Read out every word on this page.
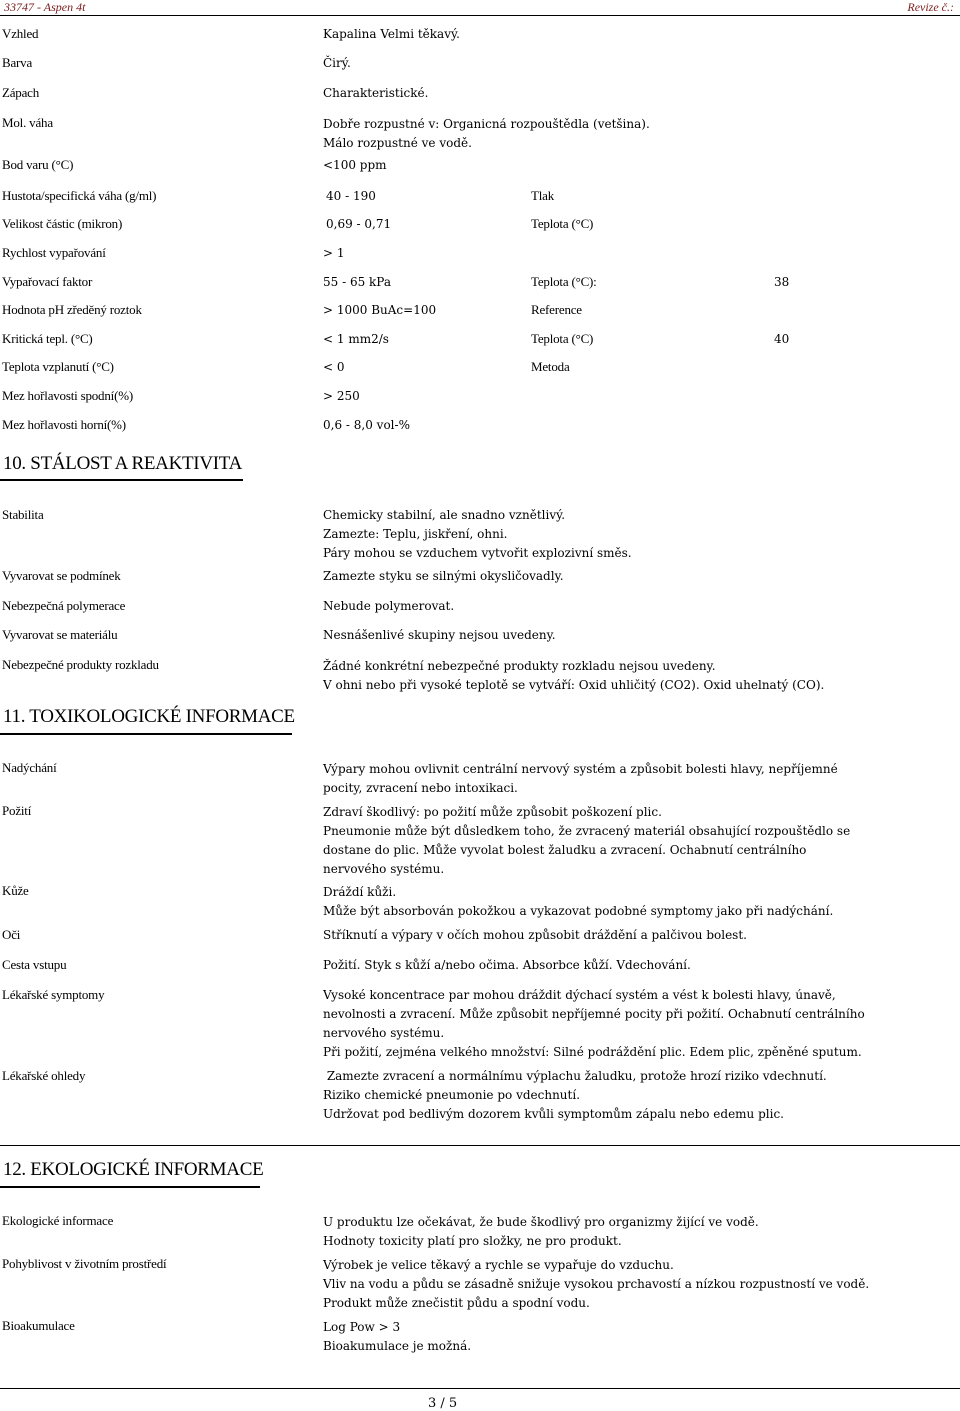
33747 - Aspen 4t	Revize č.:
Vzhled	Kapalina Velmi těkavý.
Barva	Čirý.
Zápach	Charakteristické.
Mol. váha	Dobře rozpustné v: Organicná rozpouštědla (vetšina).
Málo rozpustné ve vodě.
Bod varu (°C)	<100 ppm
Hustota/specifická váha (g/ml)	40 - 190	Tlak
Velikost částic (mikron)	0,69 - 0,71	Teplota (°C)
Rychlost vypařování	> 1
Vypařovací faktor	55 - 65 kPa	Teplota (°C):	38
Hodnota pH zředěný roztok	> 1000 BuAc=100	Reference
Kritická tepl. (°C)	< 1 mm2/s	Teplota (°C)	40
Teplota vzplanutí (°C)	< 0	Metoda
Mez hořlavosti spodní(%)	> 250
Mez hořlavosti horní(%)	0,6 - 8,0 vol-%
10. STÁLOST A REAKTIVITA
Stabilita	Chemicky stabilní, ale snadno vznětlivý.
Zamezte: Teplu, jiskření, ohni.
Páry mohou se vzduchem vytvořit explozivní směs.
Vyvarovat se podmínek	Zamezte styku se silnými okysličovadly.
Nebezpečná polymerace	Nebude polymerovat.
Vyvarovat se materiálu	Nesnášenlivé skupiny nejsou uvedeny.
Nebezpečné produkty rozkladu	Žádné konkrétní nebezpečné produkty rozkladu nejsou uvedeny.
V ohni nebo při vysoké teplotě se vytváří: Oxid uhličitý (CO2). Oxid uhelnatý (CO).
11. TOXIKOLOGICKÉ INFORMACE
Nadýchání	Výpary mohou ovlivnit centrální nervový systém a způsobit bolesti hlavy, nepříjemné
pocity, zvracení nebo intoxikaci.
Požití	Zdraví škodlivý: po požití může způsobit poškození plic.
Pneumonie může být důsledkem toho, že zvracený materiál obsahující rozpouštědlo se
dostane do plic. Může vyvolat bolest žaludku a zvracení. Ochabnutí centrálního
nervového systému.
Kůže	Dráždí kůži.
Může být absorbován pokožkou a vykazovat podobné symptomy jako při nadýchání.
Oči	Stříknutí a výpary v očích mohou způsobit dráždění a palčivou bolest.
Cesta vstupu	Požití. Styk s kůží a/nebo očima. Absorbce kůží. Vdechování.
Lékařské symptomy	Vysoké koncentrace par mohou dráždit dýchací systém a vést k bolesti hlavy, únavě,
nevolnosti a zvracení. Může způsobit nepříjemné pocity při požití. Ochabnutí centrálního
nervového systému.
Při požití, zejména velkého množství: Silné podráždění plic. Edem plic, zpěněné sputum.
Lékařské ohledy	Zamezte zvracení a normálnímu výplachu žaludku, protože hrozí riziko vdechnutí.
Riziko chemické pneumonie po vdechnutí.
Udržovat pod bedlivým dozorem kvůli symptomům zápalu nebo edemu plic.
12. EKOLOGICKÉ INFORMACE
Ekologické informace	U produktu lze očekávat, že bude škodlivý pro organizmy žijící ve vodě.
Hodnoty toxicity platí pro složky, ne pro produkt.
Pohyblivost v životním prostředí	Výrobek je velice těkavý a rychle se vypařuje do vzduchu.
Vliv na vodu a půdu se zásadně snižuje vysokou prchavostí a nízkou rozpustností ve vodě.
Produkt může znečistit půdu a spodní vodu.
Bioakumulace	Log Pow > 3
Bioakumulace je možná.
3 / 5
